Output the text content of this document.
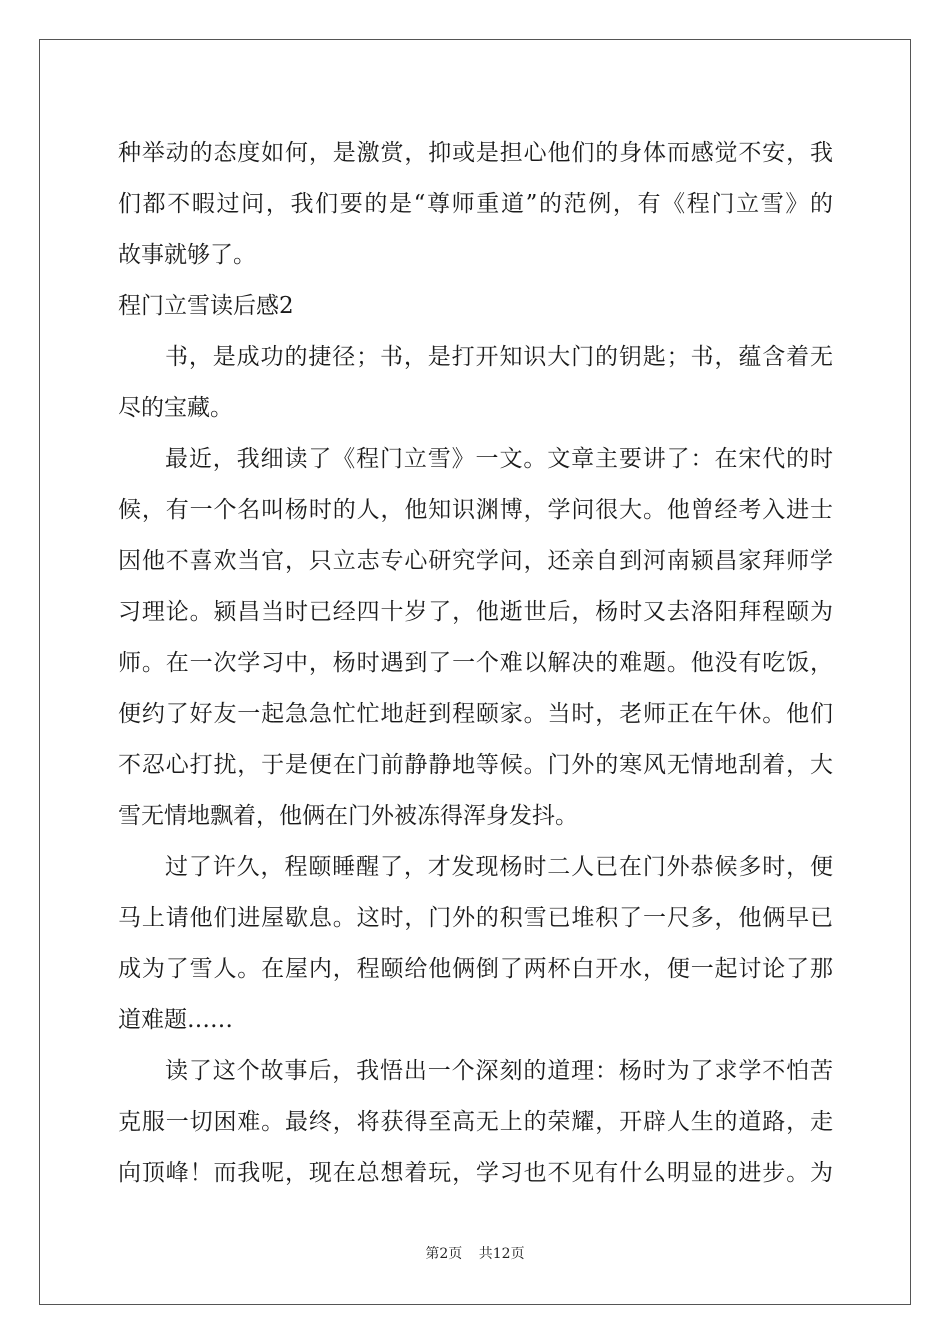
种举动的态度如何，是激赏，抑或是担心他们的身体而感觉不安，我
们都不暇过问，我们要的是“尊师重道”的范例，有《程门立雪》的
故事就够了。
程门立雪读后感2
书，是成功的捷径；书，是打开知识大门的钥匙；书，蕴含着无
尽的宝藏。
最近，我细读了《程门立雪》一文。文章主要讲了：在宋代的时
候，有一个名叫杨时的人，他知识渊博，学问很大。他曾经考入进士
因他不喜欢当官，只立志专心研究学问，还亲自到河南颍昌家拜师学
习理论。颍昌当时已经四十岁了，他逝世后，杨时又去洛阳拜程颐为
师。在一次学习中，杨时遇到了一个难以解决的难题。他没有吃饭，
便约了好友一起急急忙忙地赶到程颐家。当时，老师正在午休。他们
不忍心打扰，于是便在门前静静地等候。门外的寒风无情地刮着，大
雪无情地飘着，他俩在门外被冻得浑身发抖。
过了许久，程颐睡醒了，才发现杨时二人已在门外恭候多时，便
马上请他们进屋歇息。这时，门外的积雪已堆积了一尺多，他俩早已
成为了雪人。在屋内，程颐给他俩倒了两杯白开水，便一起讨论了那
道难题……
读了这个故事后，我悟出一个深刻的道理：杨时为了求学不怕苦
克服一切困难。最终，将获得至高无上的荣耀，开辟人生的道路，走
向顶峰！而我呢，现在总想着玩，学习也不见有什么明显的进步。为
第2页 共12页
